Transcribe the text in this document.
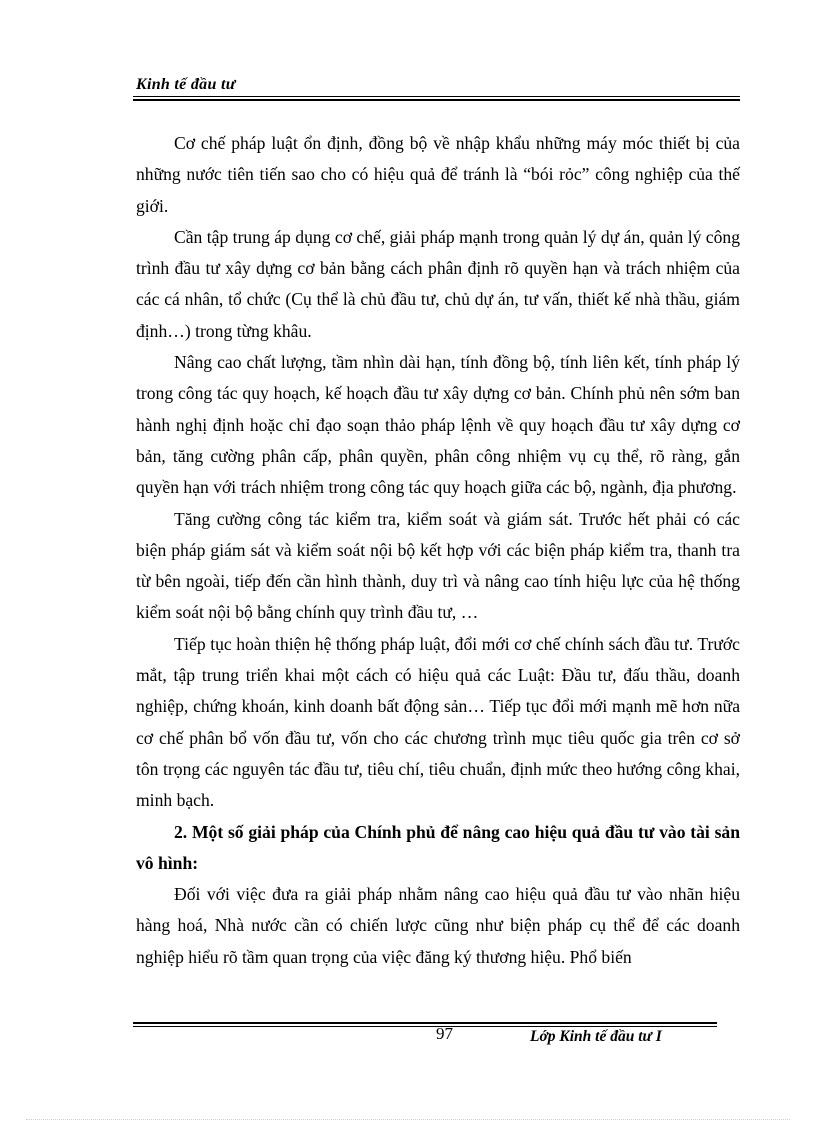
Kinh tế đầu tư

Cơ chế pháp luật ổn định, đồng bộ về nhập khẩu những máy móc thiết bị của những nước tiên tiến sao cho có hiệu quả để tránh là “bói rỏc” công nghiệp của thế giới.

Cần tập trung áp dụng cơ chế, giải pháp mạnh trong quản lý dự án, quản lý công trình đầu tư xây dựng cơ bản bằng cách phân định rõ quyền hạn và trách nhiệm của các cá nhân, tổ chức (Cụ thể là chủ đầu tư, chủ dự án, tư vấn, thiết kế nhà thầu, giám định…) trong từng khâu.

Nâng cao chất lượng, tầm nhìn dài hạn, tính đồng bộ, tính liên kết, tính pháp lý trong công tác quy hoạch, kế hoạch đầu tư xây dựng cơ bản. Chính phủ nên sớm ban hành nghị định hoặc chỉ đạo soạn thảo pháp lệnh về quy hoạch đầu tư xây dựng cơ bản, tăng cường phân cấp, phân quyền, phân công nhiệm vụ cụ thể, rõ ràng, gắn quyền hạn với trách nhiệm trong công tác quy hoạch giữa các bộ, ngành, địa phương.

Tăng cường công tác kiểm tra, kiểm soát và giám sát. Trước hết phải có các biện pháp giám sát và kiểm soát nội bộ kết hợp với các biện pháp kiểm tra, thanh tra từ bên ngoài, tiếp đến cần hình thành, duy trì và nâng cao tính hiệu lực của hệ thống kiểm soát nội bộ bằng chính quy trình đầu tư, …

Tiếp tục hoàn thiện hệ thống pháp luật, đổi mới cơ chế chính sách đầu tư. Trước mắt, tập trung triển khai một cách có hiệu quả các Luật: Đầu tư, đấu thầu, doanh nghiệp, chứng khoán, kinh doanh bất động sản… Tiếp tục đổi mới mạnh mẽ hơn nữa cơ chế phân bổ vốn đầu tư, vốn cho các chương trình mục tiêu quốc gia trên cơ sở tôn trọng các nguyên tác đầu tư, tiêu chí, tiêu chuẩn, định mức theo hướng công khai, minh bạch.

2. Một số giải pháp của Chính phủ để nâng cao hiệu quả đầu tư vào tài sản vô hình:

Đối với việc đưa ra giải pháp nhằm nâng cao hiệu quả đầu tư vào nhãn hiệu hàng hoá, Nhà nước cần có chiến lược cũng như biện pháp cụ thể để các doanh nghiệp hiểu rõ tầm quan trọng của việc đăng ký thương hiệu. Phổ biến

97	Lớp Kinh tế đầu tư I
